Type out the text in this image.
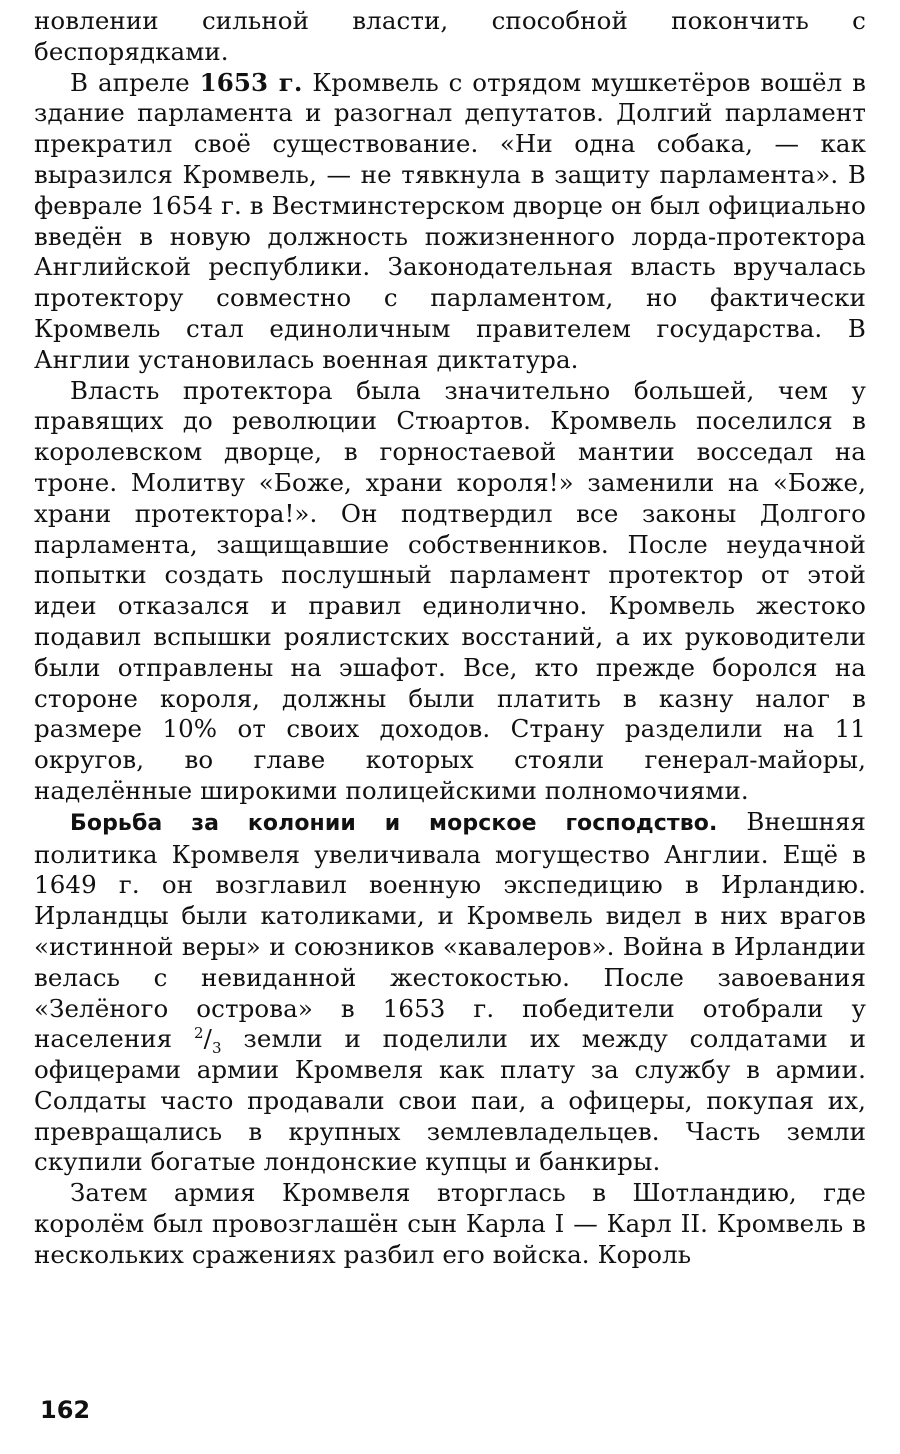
новлении сильной власти, способной покончить с беспорядками.

В апреле 1653 г. Кромвель с отрядом мушкетёров вошёл в здание парламента и разогнал депутатов. Долгий парламент прекратил своё существование. «Ни одна собака, — как выразился Кромвель, — не тявкнула в защиту парламента». В феврале 1654 г. в Вестминстерском дворце он был официально введён в новую должность пожизненного лорда-протектора Английской республики. Законодательная власть вручалась протектору совместно с парламентом, но фактически Кромвель стал единоличным правителем государства. В Англии установилась военная диктатура.

Власть протектора была значительно большей, чем у правящих до революции Стюартов. Кромвель поселился в королевском дворце, в горностаевой мантии восседал на троне. Молитву «Боже, храни короля!» заменили на «Боже, храни протектора!». Он подтвердил все законы Долгого парламента, защищавшие собственников. После неудачной попытки создать послушный парламент протектор от этой идеи отказался и правил единолично. Кромвель жестоко подавил вспышки роялистских восстаний, а их руководители были отправлены на эшафот. Все, кто прежде боролся на стороне короля, должны были платить в казну налог в размере 10% от своих доходов. Страну разделили на 11 округов, во главе которых стояли генерал-майоры, наделённые широкими полицейскими полномочиями.

Борьба за колонии и морское господство. Внешняя политика Кромвеля увеличивала могущество Англии. Ещё в 1649 г. он возглавил военную экспедицию в Ирландию. Ирландцы были католиками, и Кромвель видел в них врагов «истинной веры» и союзников «кавалеров». Война в Ирландии велась с невиданной жестокостью. После завоевания «Зелёного острова» в 1653 г. победители отобрали у населения $^2/_3$ земли и поделили их между солдатами и офицерами армии Кромвеля как плату за службу в армии. Солдаты часто продавали свои паи, а офицеры, покупая их, превращались в крупных землевладельцев. Часть земли скупили богатые лондонские купцы и банкиры.

Затем армия Кромвеля вторглась в Шотландию, где королём был провозглашён сын Карла I — Карл II. Кромвель в нескольких сражениях разбил его войска. Король

162
